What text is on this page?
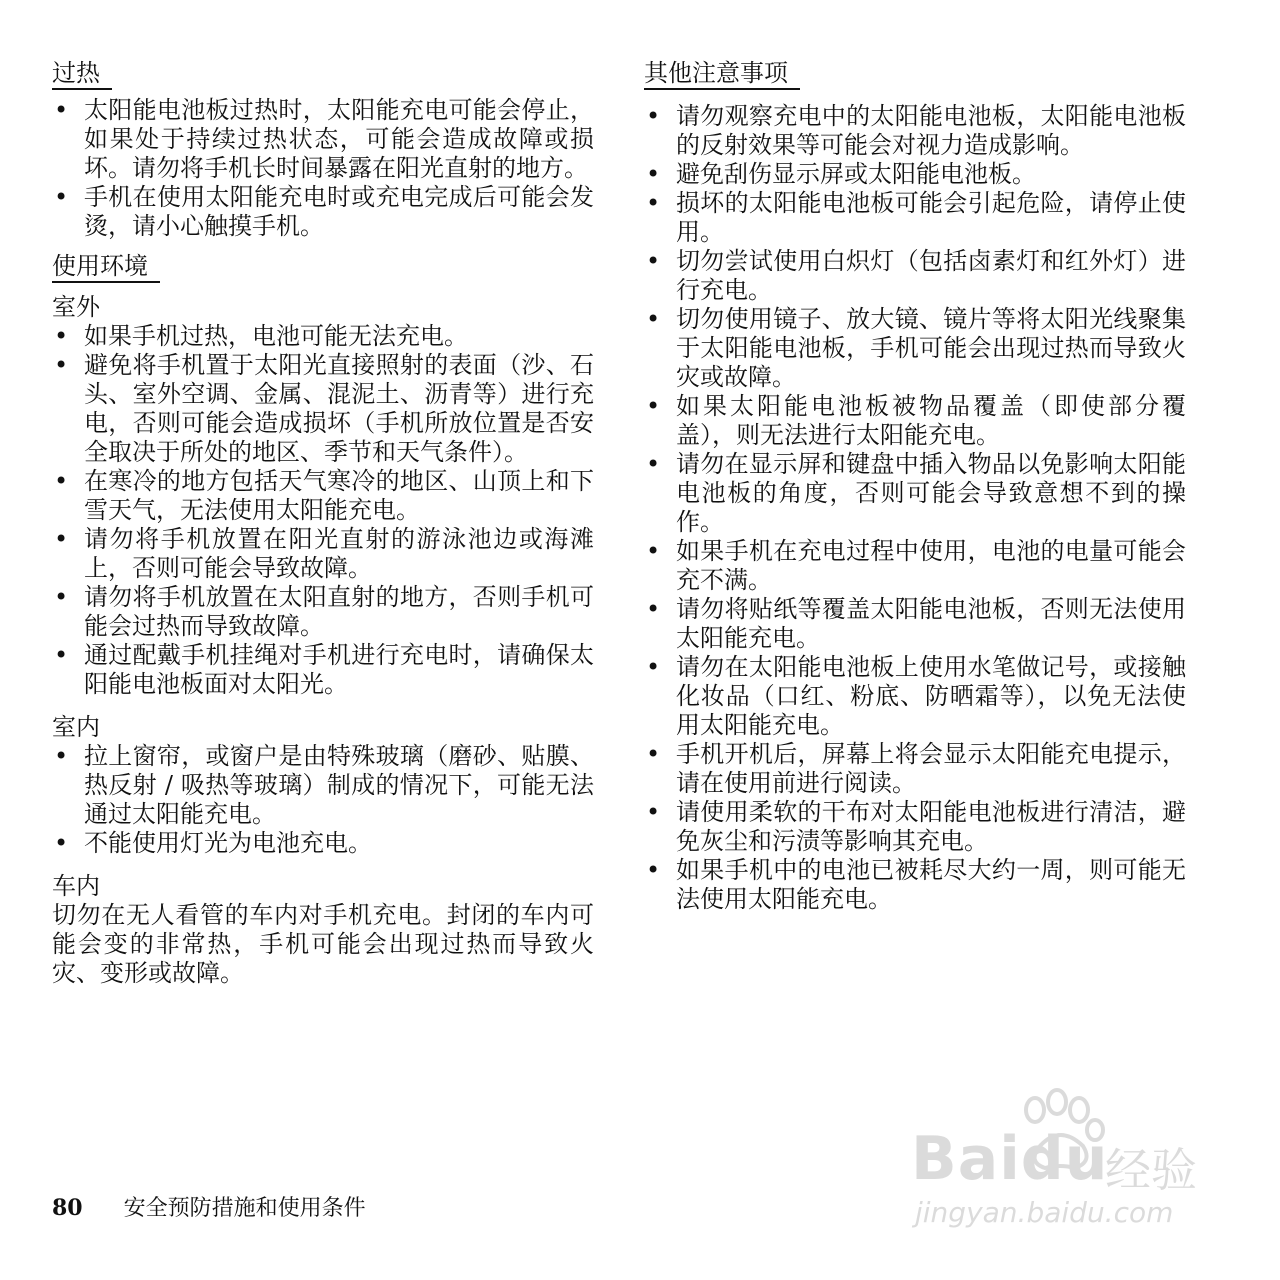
过热
• 太阳能电池板过热时，太阳能充电可能会停止，如果处于持续过热状态，可能会造成故障或损坏。请勿将手机长时间暴露在阳光直射的地方。
• 手机在使用太阳能充电时或充电完成后可能会发烫，请小心触摸手机。
使用环境
室外
• 如果手机过热，电池可能无法充电。
• 避免将手机置于太阳光直接照射的表面（沙、石头、室外空调、金属、混泥土、沥青等）进行充电，否则可能会造成损坏（手机所放位置是否安全取决于所处的地区、季节和天气条件）。
• 在寒冷的地方包括天气寒冷的地区、山顶上和下雪天气，无法使用太阳能充电。
• 请勿将手机放置在阳光直射的游泳池边或海滩上，否则可能会导致故障。
• 请勿将手机放置在太阳直射的地方，否则手机可能会过热而导致故障。
• 通过配戴手机挂绳对手机进行充电时，请确保太阳能电池板面对太阳光。
室内
• 拉上窗帘，或窗户是由特殊玻璃（磨砂、贴膜、热反射 / 吸热等玻璃）制成的情况下，可能无法通过太阳能充电。
• 不能使用灯光为电池充电。
车内

切勿在无人看管的车内对手机充电。封闭的车内可能会变的非常热，手机可能会出现过热而导致火灾、变形或故障。

其他注意事项
• 请勿观察充电中的太阳能电池板，太阳能电池板的反射效果等可能会对视力造成影响。
• 避免刮伤显示屏或太阳能电池板。
• 损坏的太阳能电池板可能会引起危险，请停止使用。
• 切勿尝试使用白炽灯（包括卤素灯和红外灯）进行充电。
• 切勿使用镜子、放大镜、镜片等将太阳光线聚集于太阳能电池板，手机可能会出现过热而导致火灾或故障。
• 如果太阳能电池板被物品覆盖（即使部分覆盖），则无法进行太阳能充电。
• 请勿在显示屏和键盘中插入物品以免影响太阳能电池板的角度，否则可能会导致意想不到的操作。
• 如果手机在充电过程中使用，电池的电量可能会充不满。
• 请勿将贴纸等覆盖太阳能电池板，否则无法使用太阳能充电。
• 请勿在太阳能电池板上使用水笔做记号，或接触化妆品（口红、粉底、防晒霜等），以免无法使用太阳能充电。
• 手机开机后，屏幕上将会显示太阳能充电提示，请在使用前进行阅读。
• 请使用柔软的干布对太阳能电池板进行清洁，避免灰尘和污渍等影响其充电。
• 如果手机中的电池已被耗尽大约一周，则可能无法使用太阳能充电。
80 安全预防措施和使用条件
Baidu
经验
jingyan.baidu.com
